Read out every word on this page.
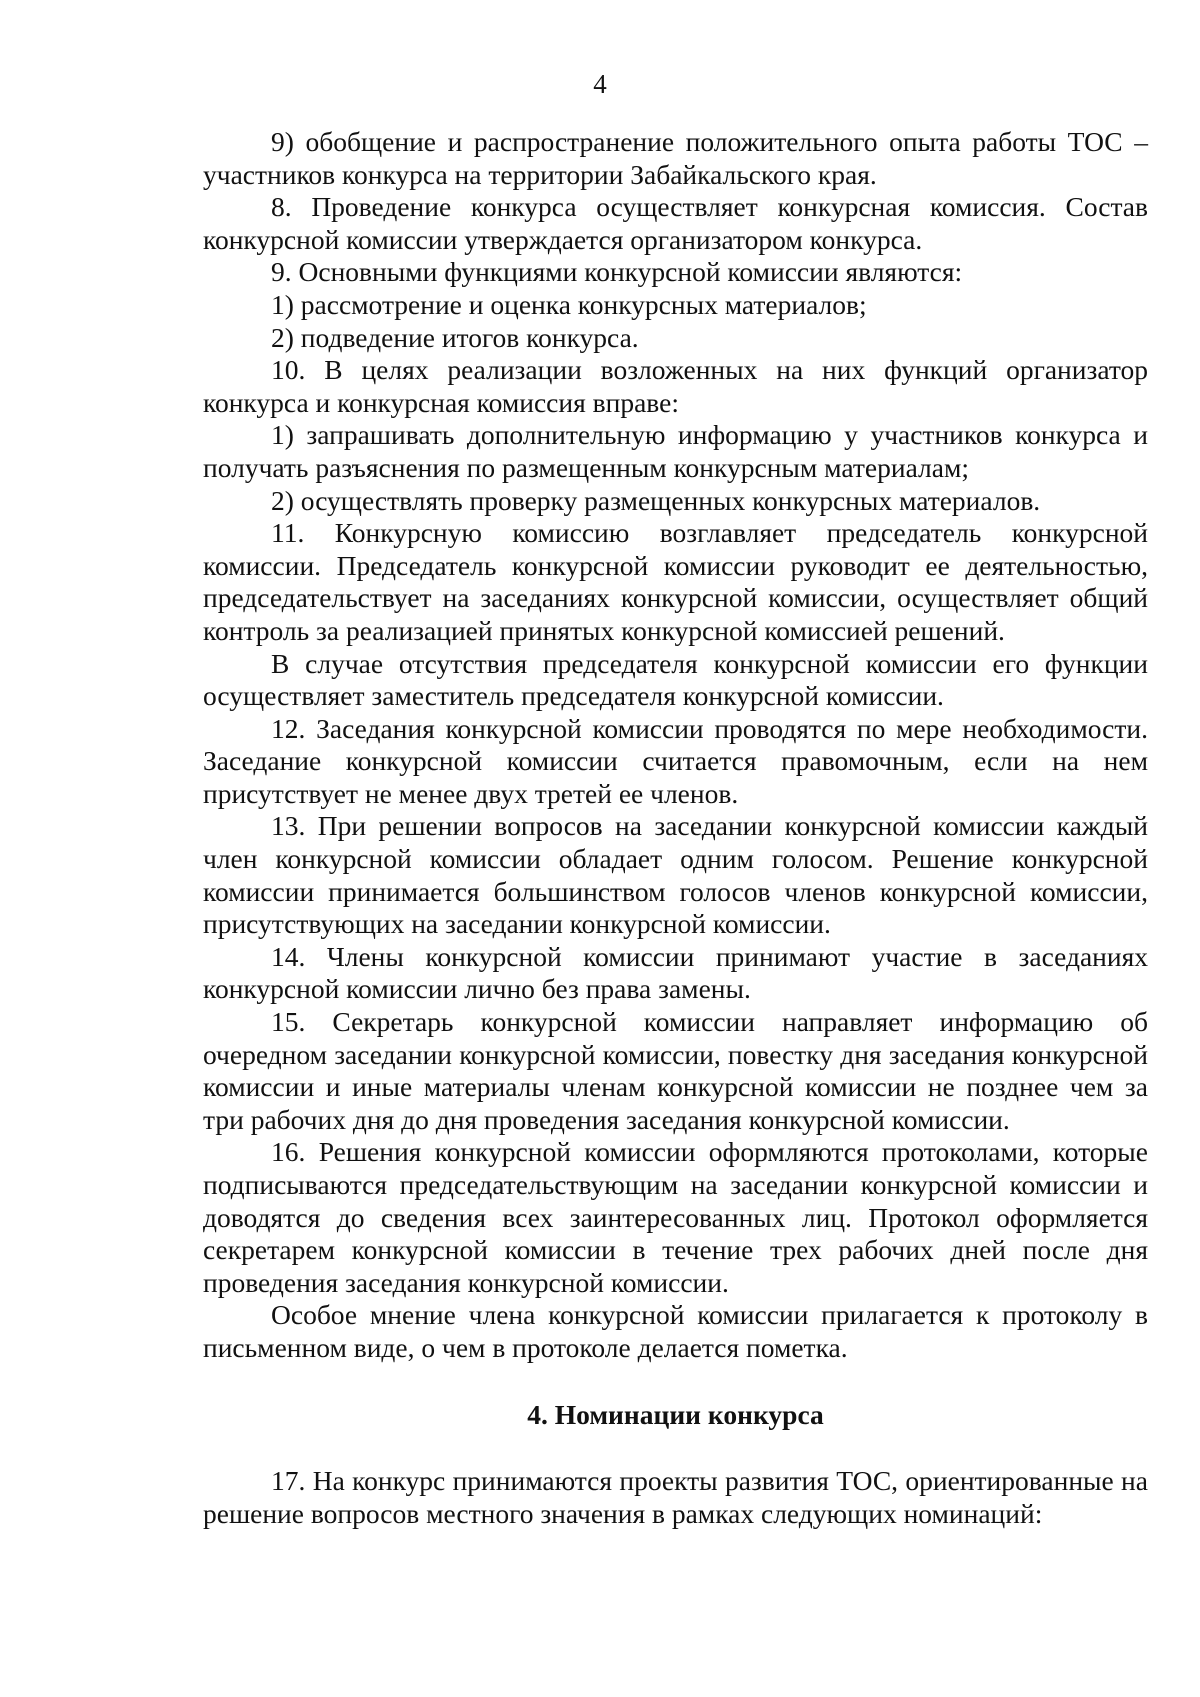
4

9) обобщение и распространение положительного опыта работы ТОС – участников конкурса на территории Забайкальского края.

8. Проведение конкурса осуществляет конкурсная комиссия. Состав конкурсной комиссии утверждается организатором конкурса.

9. Основными функциями конкурсной комиссии являются:

1) рассмотрение и оценка конкурсных материалов;

2) подведение итогов конкурса.

10. В целях реализации возложенных на них функций организатор конкурса и конкурсная комиссия вправе:

1) запрашивать дополнительную информацию у участников конкурса и получать разъяснения по размещенным конкурсным материалам;

2) осуществлять проверку размещенных конкурсных материалов.

11. Конкурсную комиссию возглавляет председатель конкурсной комиссии. Председатель конкурсной комиссии руководит ее деятельностью, председательствует на заседаниях конкурсной комиссии, осуществляет общий контроль за реализацией принятых конкурсной комиссией решений.

В случае отсутствия председателя конкурсной комиссии его функции осуществляет заместитель председателя конкурсной комиссии.

12. Заседания конкурсной комиссии проводятся по мере необходимости. Заседание конкурсной комиссии считается правомочным, если на нем присутствует не менее двух третей ее членов.

13. При решении вопросов на заседании конкурсной комиссии каждый член конкурсной комиссии обладает одним голосом. Решение конкурсной комиссии принимается большинством голосов членов конкурсной комиссии, присутствующих на заседании конкурсной комиссии.

14. Члены конкурсной комиссии принимают участие в заседаниях конкурсной комиссии лично без права замены.

15. Секретарь конкурсной комиссии направляет информацию об очередном заседании конкурсной комиссии, повестку дня заседания конкурсной комиссии и иные материалы членам конкурсной комиссии не позднее чем за три рабочих дня до дня проведения заседания конкурсной комиссии.

16. Решения конкурсной комиссии оформляются протоколами, которые подписываются председательствующим на заседании конкурсной комиссии и доводятся до сведения всех заинтересованных лиц. Протокол оформляется секретарем конкурсной комиссии в течение трех рабочих дней после дня проведения заседания конкурсной комиссии.

Особое мнение члена конкурсной комиссии прилагается к протоколу в письменном виде, о чем в протоколе делается пометка.

4. Номинации конкурса

17. На конкурс принимаются проекты развития ТОС, ориентированные на решение вопросов местного значения в рамках следующих номинаций:
